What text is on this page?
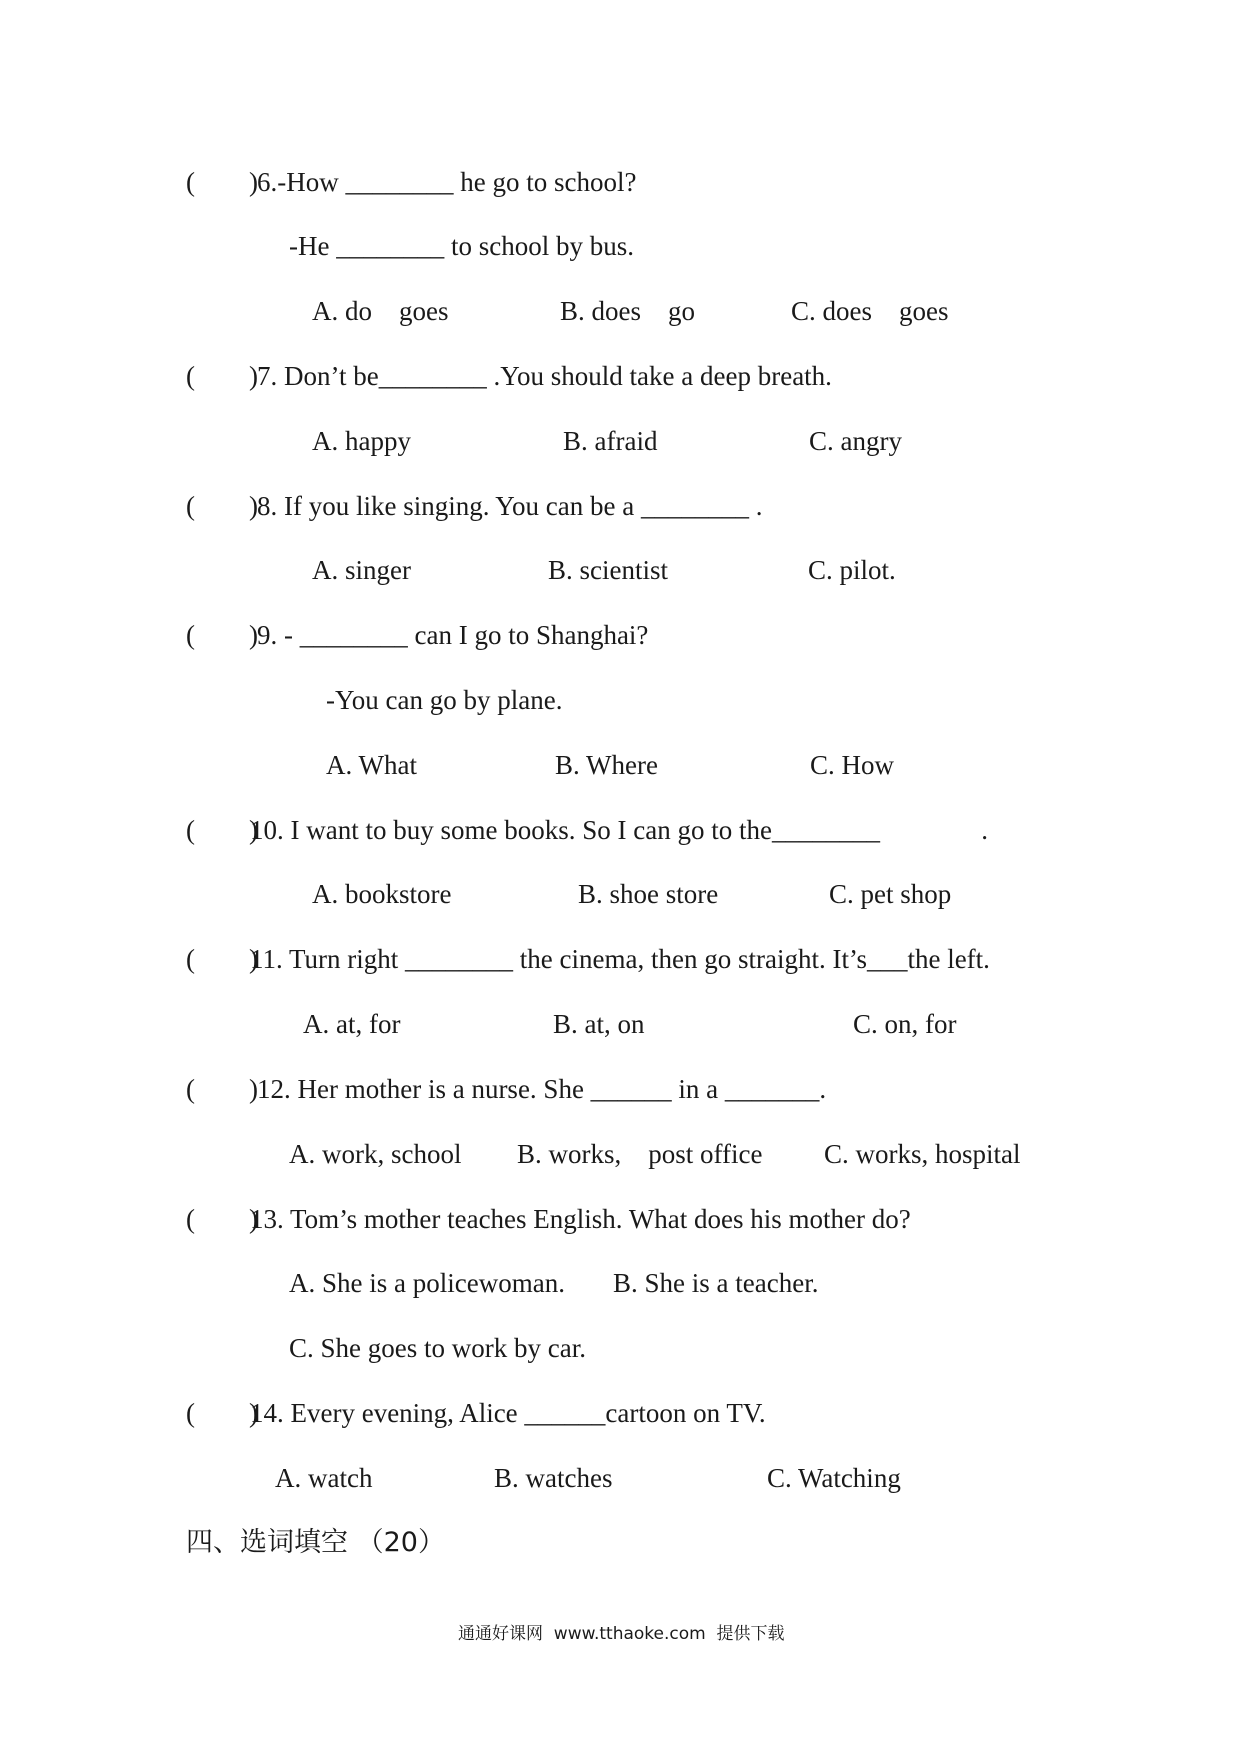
(        ) 6.-How ________ he go to school?
-He ________ to school by bus.
A. do    goes	B. does    go	C. does    goes
(        ) 7. Don’t be________ .You should take a deep breath.
A. happy	B. afraid	C. angry
(        ) 8. If you like singing. You can be a ________ .
A. singer	B. scientist	C. pilot.
(        ) 9. - ________ can I go to Shanghai?
-You can go by plane.
A. What	B. Where	C. How
(        )
10. I want to buy some books. So I can go to the________               .
A. bookstore	B. shoe store	C. pet shop
(        )
11. Turn right ________ the cinema, then go straight. It’s___the left.
A. at, for	B. at, on	C. on, for
(        ) 12. Her mother is a nurse. She ______ in a _______.
A. work, school B. works,    post office C. works, hospital
(        )
13. Tom’s mother teaches English. What does his mother do?
A. She is a policewoman. B. She is a teacher.
C. She goes to work by car.
(        )
14. Every evening, Alice ______cartoon on TV.
A. watch	B. watches	C. Watching
四、选词填空 （20）
通通好课网  www.tthaoke.com  提供下载
